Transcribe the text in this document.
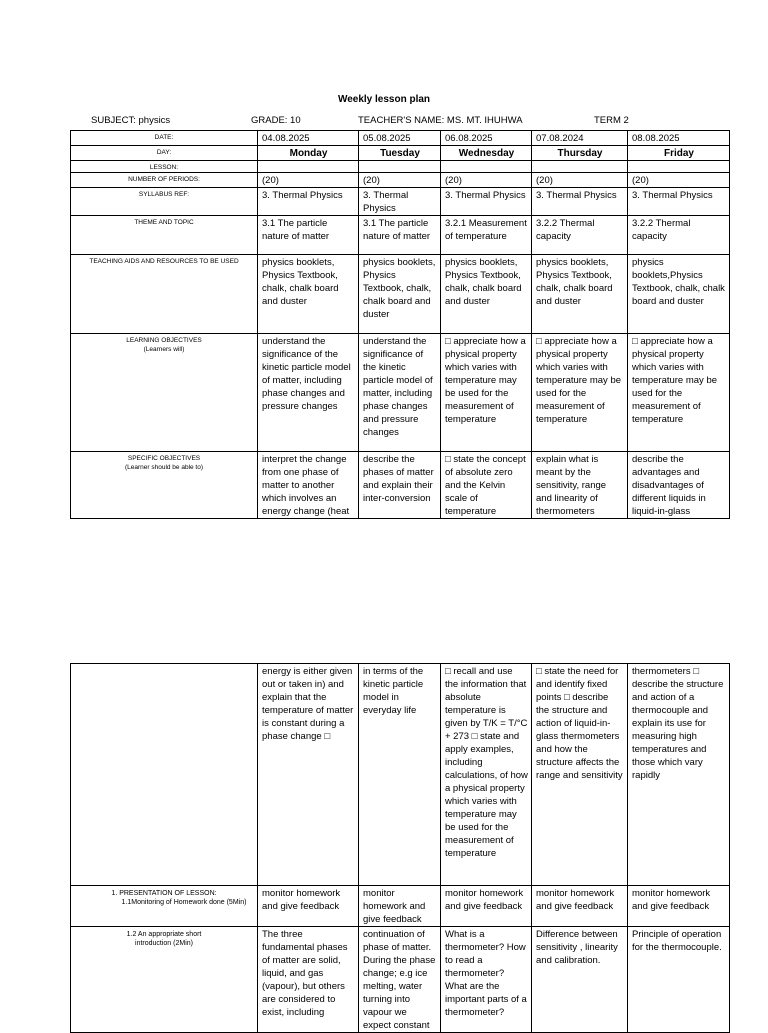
Weekly lesson plan
SUBJECT: physics	GRADE: 10	TEACHER'S NAME: MS. MT. IHUHWA	TERM 2
DATE:	04.08.2025	05.08.2025	06.08.2025	07.08.2024	08.08.2025
DAY:	Monday	Tuesday	Wednesday	Thursday	Friday
LESSON:					
NUMBER OF PERIODS:	(20)	(20)	(20)	(20)	(20)
SYLLABUS REF:	3. Thermal Physics	3. Thermal Physics	3. Thermal Physics	3. Thermal Physics	3. Thermal Physics
THEME AND TOPIC	3.1 The particle nature of matter	3.1 The particle nature of matter	3.2.1 Measurement of temperature	3.2.2 Thermal capacity	3.2.2 Thermal capacity
TEACHING AIDS AND RESOURCES TO BE USED	physics booklets, Physics Textbook, chalk, chalk board and duster	physics booklets, Physics Textbook, chalk, chalk board and duster	physics booklets, Physics Textbook, chalk, chalk board and duster	physics booklets, Physics Textbook, chalk, chalk board and duster	physics booklets,Physics Textbook, chalk, chalk board and duster
LEARNING OBJECTIVES
(Learners will)	understand the significance of the kinetic particle model of matter, including phase changes and pressure changes	understand the significance of the kinetic particle model of matter, including phase changes and pressure changes	□ appreciate how a physical property which varies with temperature may be used for the measurement of temperature	□ appreciate how a physical property which varies with temperature may be used for the measurement of temperature	□ appreciate how a physical property which varies with temperature may be used for the measurement of temperature
SPECIFIC OBJECTIVES
(Learner should be able to)	interpret the change from one phase of matter to another which involves an energy change (heat	describe the phases of matter and explain their inter-conversion	□ state the concept of absolute zero and the Kelvin scale of temperature	explain what is meant by the sensitivity, range and linearity of thermometers	describe the advantages and disadvantages of different liquids in liquid-in-glass
	energy is either given out or taken in) and explain that the temperature of matter is constant during a phase change □	in terms of the kinetic particle model in everyday life	□ recall and use the information that absolute temperature is given by T/K = T/°C + 273 □ state and apply examples, including calculations, of how a physical property which varies with temperature may be used for the measurement of temperature	□ state the need for and identify fixed points □ describe the structure and action of liquid-in-glass thermometers and how the structure affects the range and sensitivity	thermometers □ describe the structure and action of a thermocouple and explain its use for measuring high temperatures and those which vary rapidly

1. PRESENTATION OF LESSON:
1.1Monitoring of Homework done (5Min)	monitor homework and give feedback	monitor homework and give feedback	monitor homework and give feedback	monitor homework and give feedback	monitor homework and give feedback
1.2 An appropriate short introduction (2Min)	The three fundamental phases of matter are solid, liquid, and gas (vapour), but others are considered to exist, including	continuation of phase of matter. During the phase change; e.g ice melting, water turning into vapour we expect constant	What is a thermometer? How to read a thermometer? What are the important parts of a thermometer?	Difference between sensitivity , linearity and calibration.	Principle of operation for the thermocouple.
